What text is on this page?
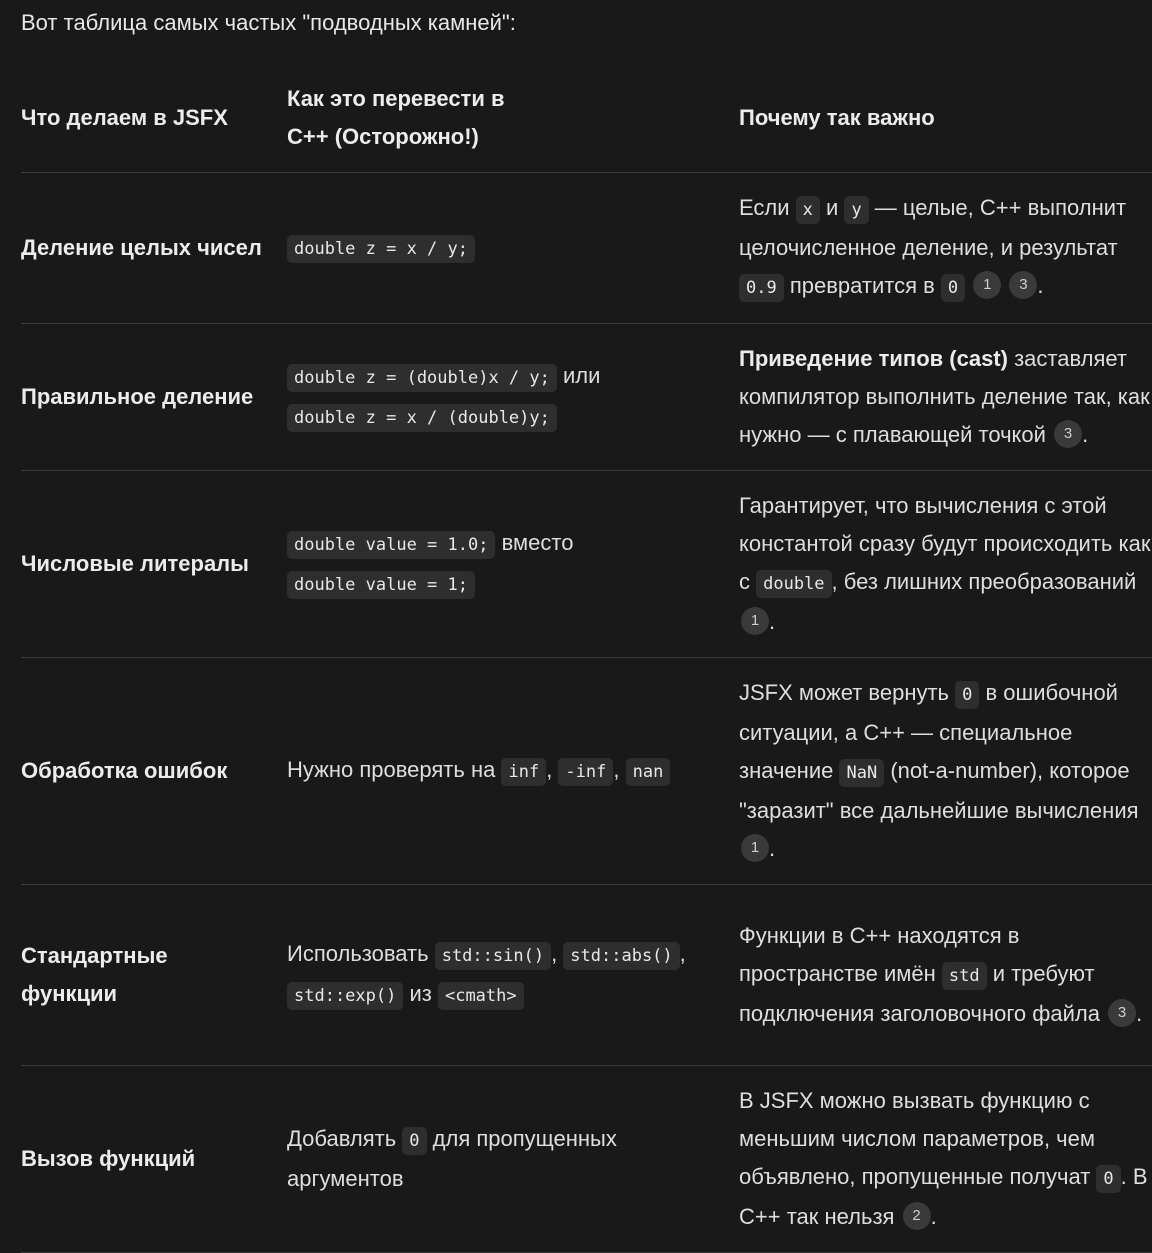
Вот таблица самых частых "подводных камней":
Что делаем в JSFX	Как это перевести в C++ (Осторожно!)	Почему так важно
Деление целых чисел	double z = x / y;	Если x и y — целые, C++ выполнит целочисленное деление, и результат 0.9 превратится в 0 1 3 .
Правильное деление	double z = (double)x / y; или double z = x / (double)y;	Приведение типов (cast) заставляет компилятор выполнить деление так, как нужно — с плавающей точкой 3 .
Числовые литералы	double value = 1.0; вместо double value = 1;	Гарантирует, что вычисления с этой константой сразу будут происходить как с double , без лишних преобразований 1 .
Обработка ошибок	Нужно проверять на inf , -inf , nan	JSFX может вернуть 0 в ошибочной ситуации, а C++ — специальное значение NaN (not-a-number), которое "заразит" все дальнейшие вычисления 1 .
Стандартные функции	Использовать std::sin() , std::abs() , std::exp() из <cmath>	Функции в C++ находятся в пространстве имён std и требуют подключения заголовочного файла 3 .
Вызов функций	Добавлять 0 для пропущенных аргументов	В JSFX можно вызвать функцию с меньшим числом параметров, чем объявлено, пропущенные получат 0 . В C++ так нельзя 2 .
